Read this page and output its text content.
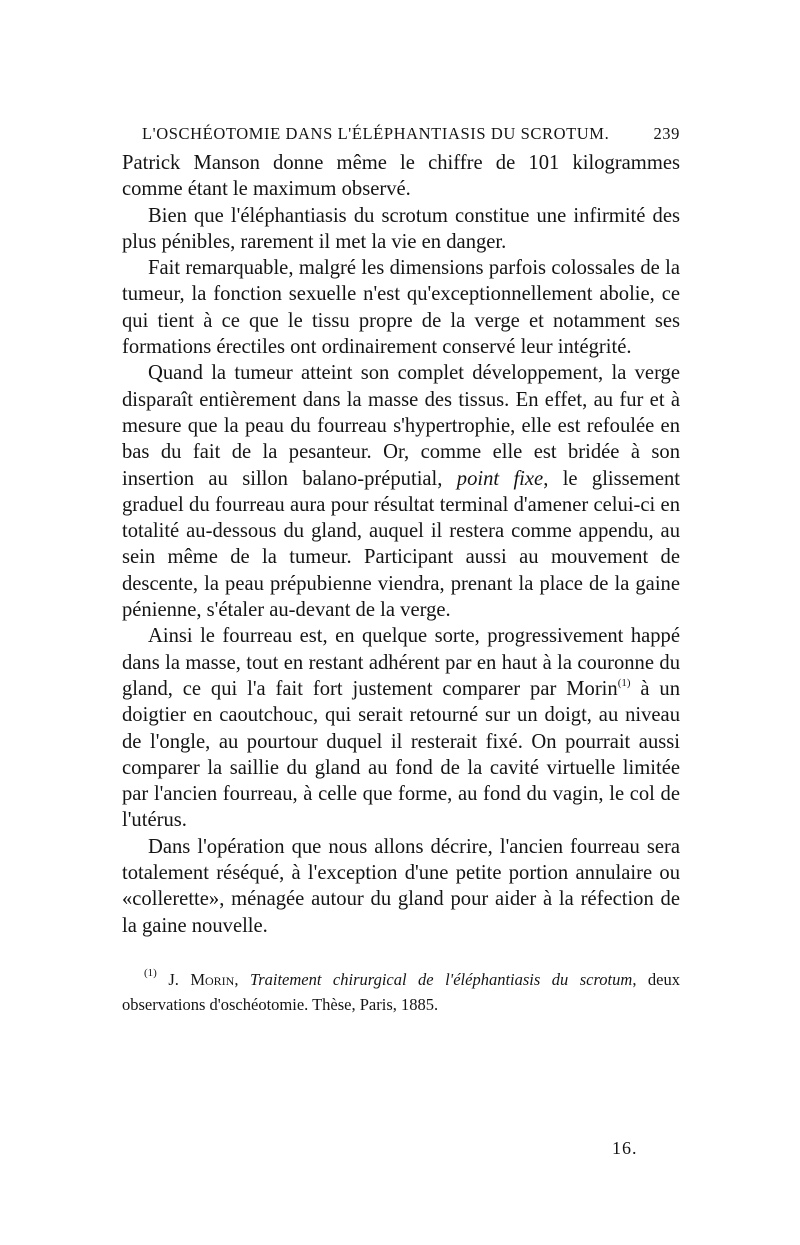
L'OSCHÉOTOMIE DANS L'ÉLÉPHANTIASIS DU SCROTUM.	239

Patrick Manson donne même le chiffre de 101 kilogrammes comme étant le maximum observé.

Bien que l'éléphantiasis du scrotum constitue une infirmité des plus pénibles, rarement il met la vie en danger.

Fait remarquable, malgré les dimensions parfois colossales de la tumeur, la fonction sexuelle n'est qu'exceptionnellement abolie, ce qui tient à ce que le tissu propre de la verge et notamment ses formations érectiles ont ordinairement conservé leur intégrité.

Quand la tumeur atteint son complet développement, la verge disparaît entièrement dans la masse des tissus. En effet, au fur et à mesure que la peau du fourreau s'hypertrophie, elle est refoulée en bas du fait de la pesanteur. Or, comme elle est bridée à son insertion au sillon balano-préputial, point fixe, le glissement graduel du fourreau aura pour résultat terminal d'amener celui-ci en totalité au-dessous du gland, auquel il restera comme appendu, au sein même de la tumeur. Participant aussi au mouvement de descente, la peau prépubienne viendra, prenant la place de la gaine pénienne, s'étaler au-devant de la verge.

Ainsi le fourreau est, en quelque sorte, progressivement happé dans la masse, tout en restant adhérent par en haut à la couronne du gland, ce qui l'a fait fort justement comparer par Morin$^{(1)}$ à un doigtier en caoutchouc, qui serait retourné sur un doigt, au niveau de l'ongle, au pourtour duquel il resterait fixé. On pourrait aussi comparer la saillie du gland au fond de la cavité virtuelle limitée par l'ancien fourreau, à celle que forme, au fond du vagin, le col de l'utérus.

Dans l'opération que nous allons décrire, l'ancien fourreau sera totalement réséqué, à l'exception d'une petite portion annulaire ou «collerette», ménagée autour du gland pour aider à la réfection de la gaine nouvelle.

$^{(1)}$ J. Morin, Traitement chirurgical de l'éléphantiasis du scrotum, deux observations d'oschéotomie. Thèse, Paris, 1885.
16.
